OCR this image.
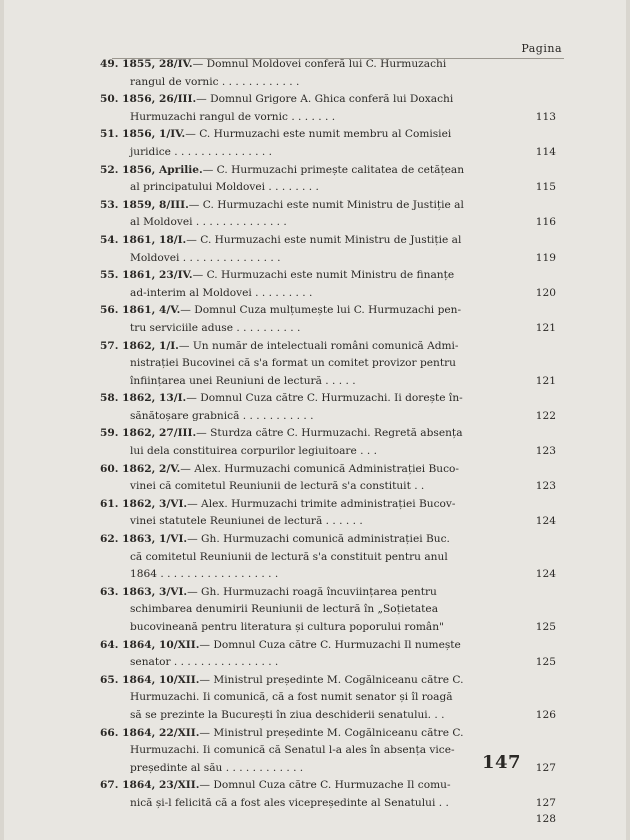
Pagina
49. 1855, 28/IV.— Domnul Moldovei conferă lui C. Hurmuzachi
rangul de vornic . . . . . . . . . . . .
50. 1856, 26/III.— Domnul Grigore A. Ghica conferă lui Doxachi
Hurmuzachi rangul de vornic . . . . . . .	113
51. 1856, 1/IV.— C. Hurmuzachi este numit membru al Comisiei
juridice . . . . . . . . . . . . . . .	114
52. 1856, Aprilie.— C. Hurmuzachi primește calitatea de cetățean
al principatului Moldovei . . . . . . . .	115
53. 1859, 8/III.— C. Hurmuzachi este numit Ministru de Justiție al
al Moldovei . . . . . . . . . . . . . .	116
54. 1861, 18/I.— C. Hurmuzachi este numit Ministru de Justiție al
Moldovei . . . . . . . . . . . . . . .	119
55. 1861, 23/IV.— C. Hurmuzachi este numit Ministru de finanțe
ad-interim al Moldovei . . . . . . . . .	120
56. 1861, 4/V.— Domnul Cuza mulțumește lui C. Hurmuzachi pen-
tru serviciile aduse . . . . . . . . . .	121
57. 1862, 1/I.— Un număr de intelectuali români comunică Admi-
nistrației Bucovinei că s'a format un comitet provizor pentru
înființarea unei Reuniuni de lectură . . . . .	121
58. 1862, 13/I.— Domnul Cuza către C. Hurmuzachi. Ii dorește în-
sănătoșare grabnică . . . . . . . . . . .	122
59. 1862, 27/III.— Sturdza către C. Hurmuzachi. Regretă absența
lui dela constituirea corpurilor legiuitoare . . .	123
60. 1862, 2/V.— Alex. Hurmuzachi comunică Administrației Buco-
vinei că comitetul Reuniunii de lectură s'a constituit . .	123
61. 1862, 3/VI.— Alex. Hurmuzachi trimite administrației Bucov-
vinei statutele Reuniunei de lectură . . . . . .	124
62. 1863, 1/VI.— Gh. Hurmuzachi comunică administrației Buc.
că comitetul Reuniunii de lectură s'a constituit pentru anul
1864 . . . . . . . . . . . . . . . . . .	124
63. 1863, 3/VI.— Gh. Hurmuzachi roagă încuviințarea pentru
schimbarea denumirii Reuniunii de lectură în „Soțietatea
bucovineană pentru literatura și cultura poporului român"	125
64. 1864, 10/XII.— Domnul Cuza către C. Hurmuzachi Il numește
senator . . . . . . . . . . . . . . . .	125
65. 1864, 10/XII.— Ministrul președinte M. Cogălniceanu către C.
Hurmuzachi. Ii comunică, că a fost numit senator și îl roagă
să se prezinte la București în ziua deschiderii senatului. . .	126
66. 1864, 22/XII.— Ministrul președinte M. Cogălniceanu către C.
Hurmuzachi. Ii comunică că Senatul l-a ales în absența vice-
președinte al său . . . . . . . . . . . .	127
67. 1864, 23/XII.— Domnul Cuza către C. Hurmuzache Il comu-
nică și-l felicită că a fost ales vicepreședinte al Senatului . .	127
128
147
